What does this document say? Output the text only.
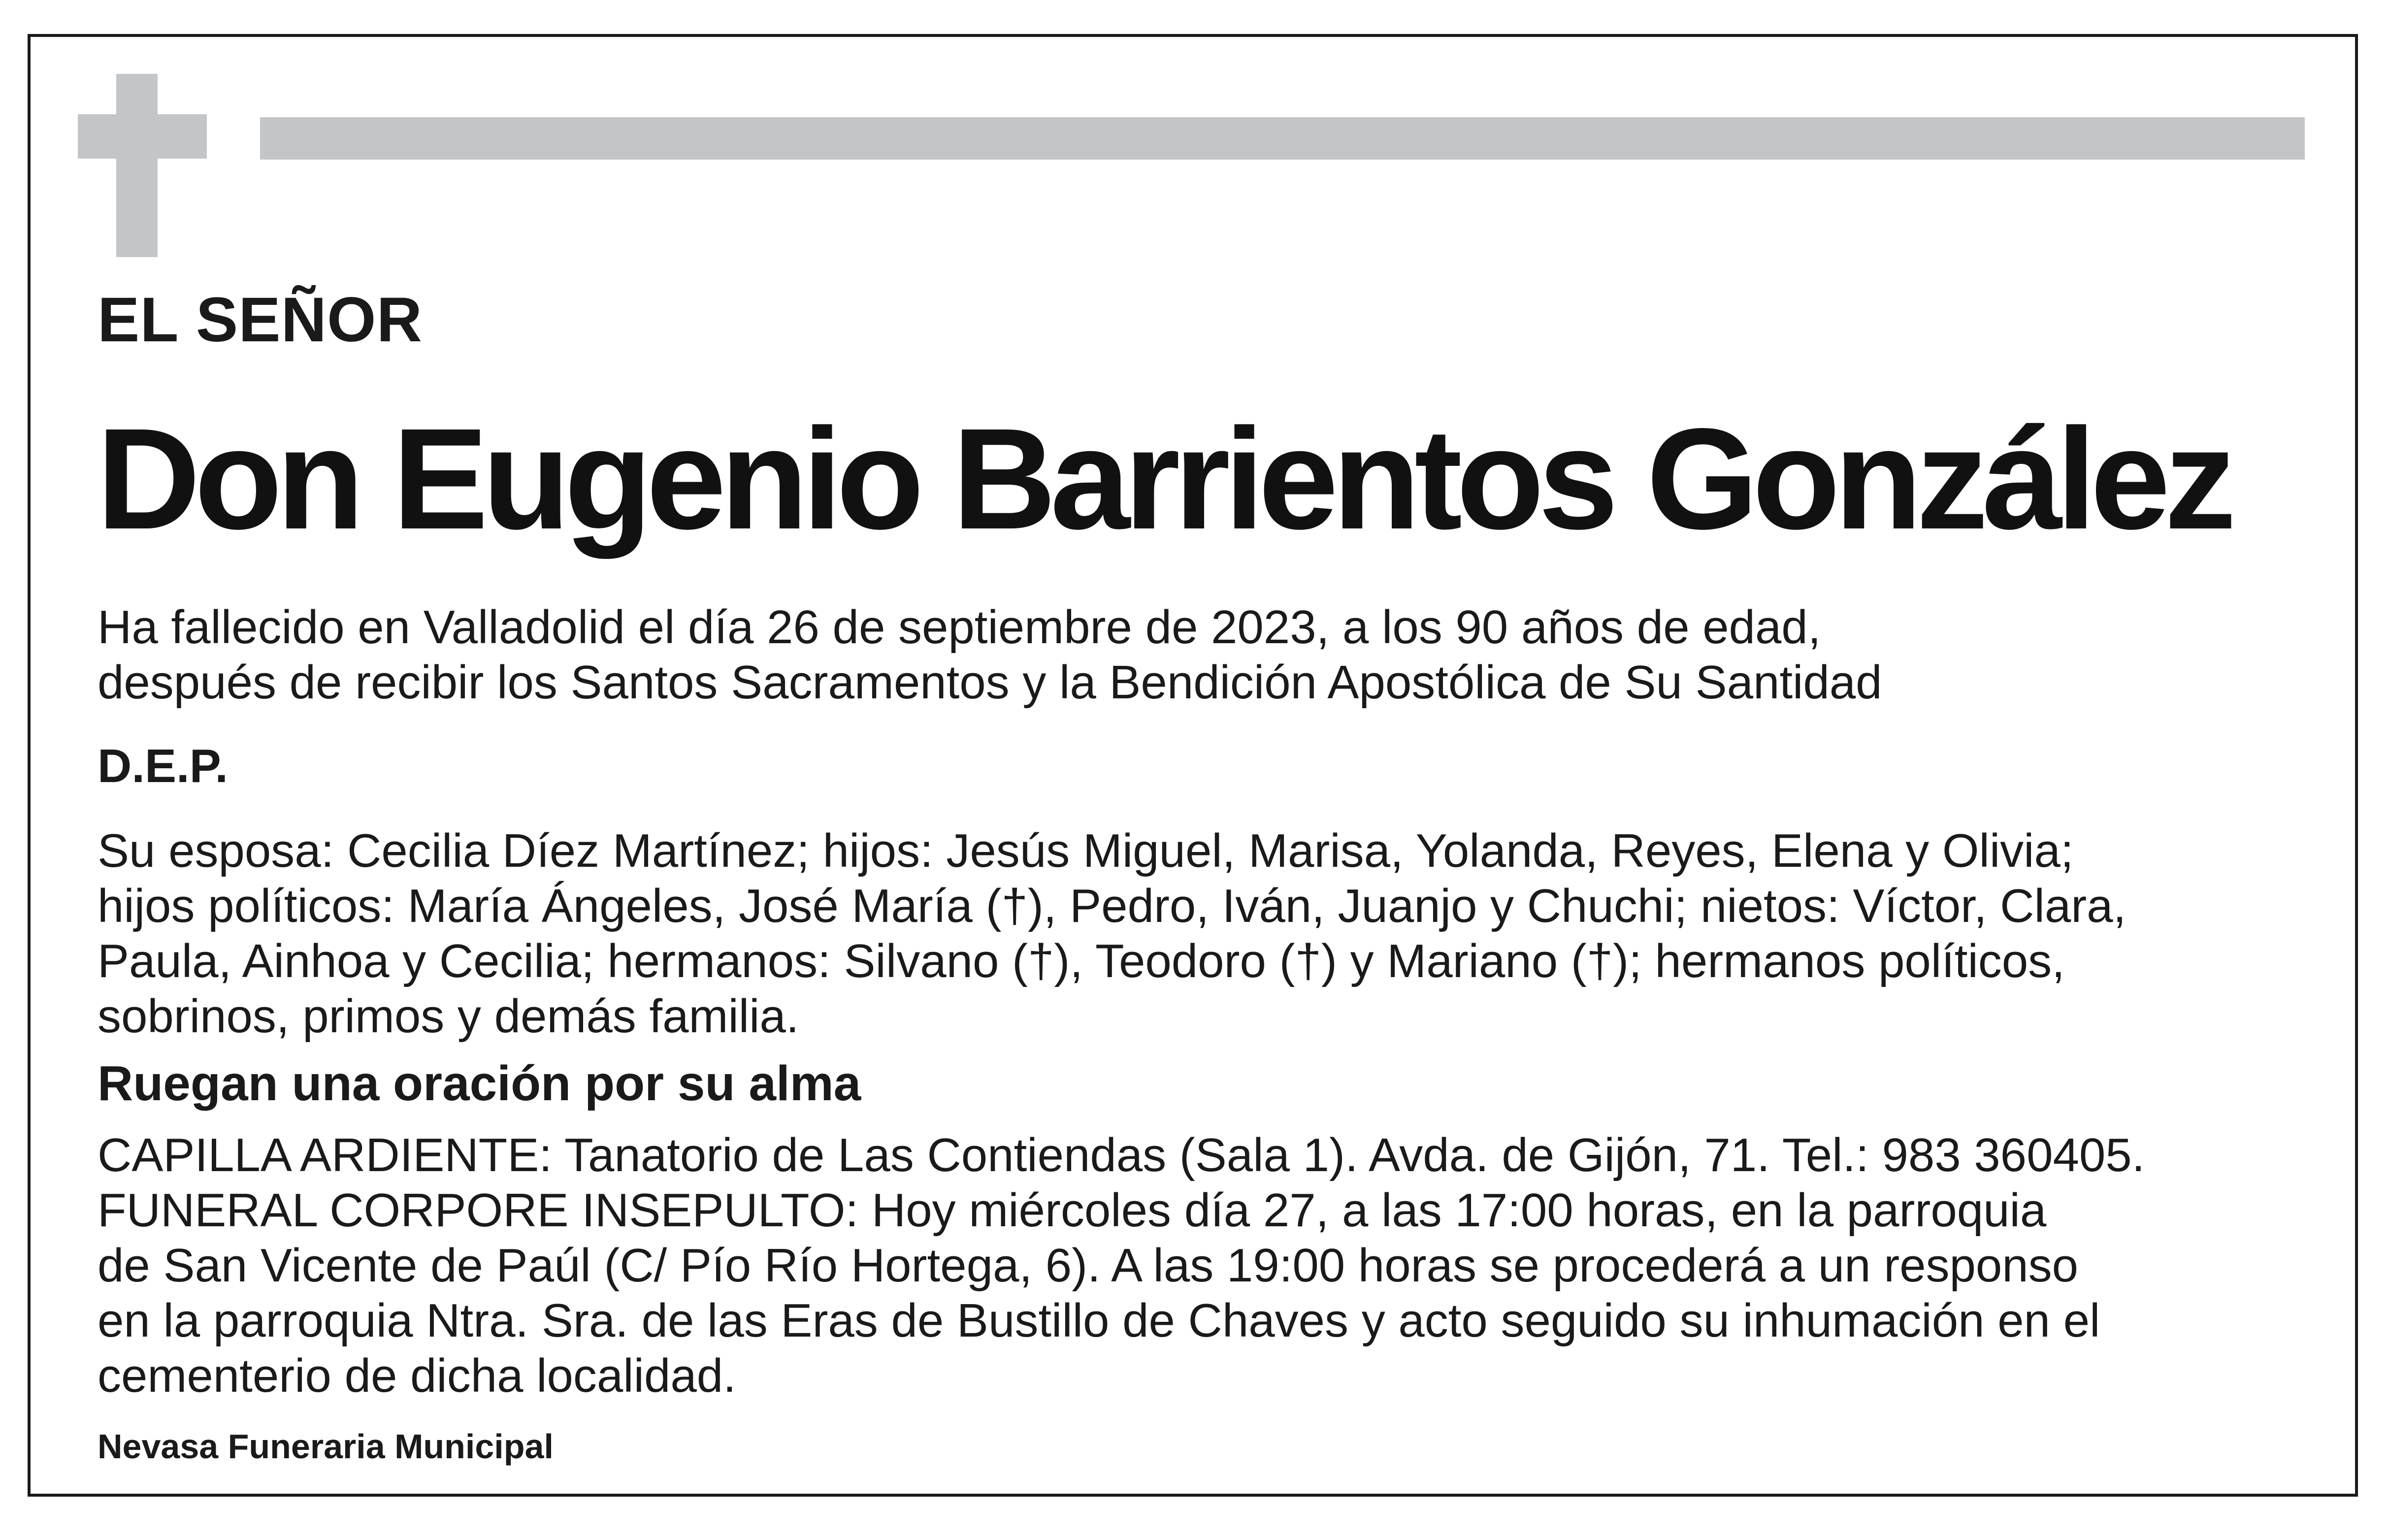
EL SEÑOR
Don Eugenio Barrientos González
Ha fallecido en Valladolid el día 26 de septiembre de 2023, a los 90 años de edad,
después de recibir los Santos Sacramentos y la Bendición Apostólica de Su Santidad
D.E.P.
Su esposa: Cecilia Díez Martínez; hijos: Jesús Miguel, Marisa, Yolanda, Reyes, Elena y Olivia;
hijos políticos: María Ángeles, José María (†), Pedro, Iván, Juanjo y Chuchi; nietos: Víctor, Clara,
Paula, Ainhoa y Cecilia; hermanos: Silvano (†), Teodoro (†) y Mariano (†); hermanos políticos,
sobrinos, primos y demás familia.
Ruegan una oración por su alma
CAPILLA ARDIENTE: Tanatorio de Las Contiendas (Sala 1). Avda. de Gijón, 71. Tel.: 983 360405.
FUNERAL CORPORE INSEPULTO: Hoy miércoles día 27, a las 17:00 horas, en la parroquia
de San Vicente de Paúl (C/ Pío Río Hortega, 6). A las 19:00 horas se procederá a un responso
en la parroquia Ntra. Sra. de las Eras de Bustillo de Chaves y acto seguido su inhumación en el
cementerio de dicha localidad.
Nevasa Funeraria Municipal
